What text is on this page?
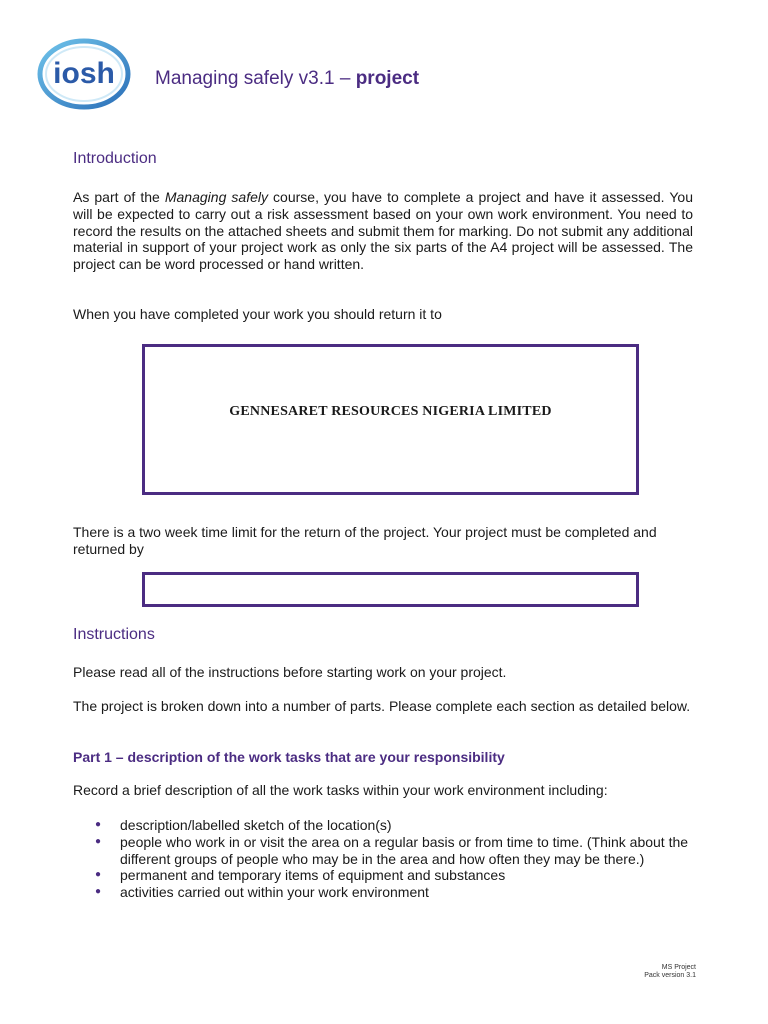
iosh Managing safely v3.1 – project
Introduction

As part of the Managing safely course, you have to complete a project and have it assessed. You will be expected to carry out a risk assessment based on your own work environment. You need to record the results on the attached sheets and submit them for marking. Do not submit any additional material in support of your project work as only the six parts of the A4 project will be assessed. The project can be word processed or hand written.

When you have completed your work you should return it to

GENNESARET RESOURCES NIGERIA LIMITED

There is a two week time limit for the return of the project. Your project must be completed and returned by

Instructions

Please read all of the instructions before starting work on your project.

The project is broken down into a number of parts. Please complete each section as detailed below.

Part 1 – description of the work tasks that are your responsibility

Record a brief description of all the work tasks within your work environment including:

● description/labelled sketch of the location(s)
● people who work in or visit the area on a regular basis or from time to time. (Think about the different groups of people who may be in the area and how often they may be there.)
● permanent and temporary items of equipment and substances
● activities carried out within your work environment
MS Project
Pack version 3.1
